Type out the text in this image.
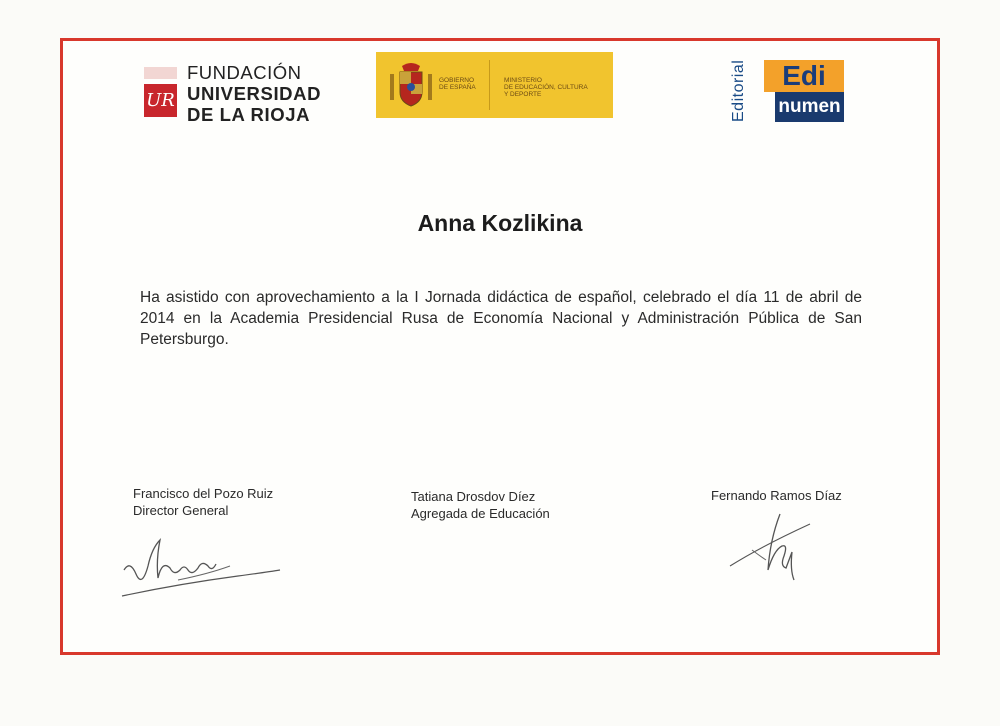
UR
FUNDACIÓN
UNIVERSIDAD
DE LA RIOJA
GOBIERNO
DE ESPAÑA
MINISTERIO
DE EDUCACIÓN, CULTURA
Y DEPORTE	Editorial	Edi
numen
Anna Kozlikina
Ha asistido con aprovechamiento a la I Jornada didáctica de español, celebrado el día 11 de abril de 2014 en la Academia Presidencial Rusa de Economía Nacional y Administración Pública de San Petersburgo.
Francisco del Pozo Ruiz
Director General
Tatiana Drosdov Díez
Agregada de Educación
Fernando Ramos Díaz
